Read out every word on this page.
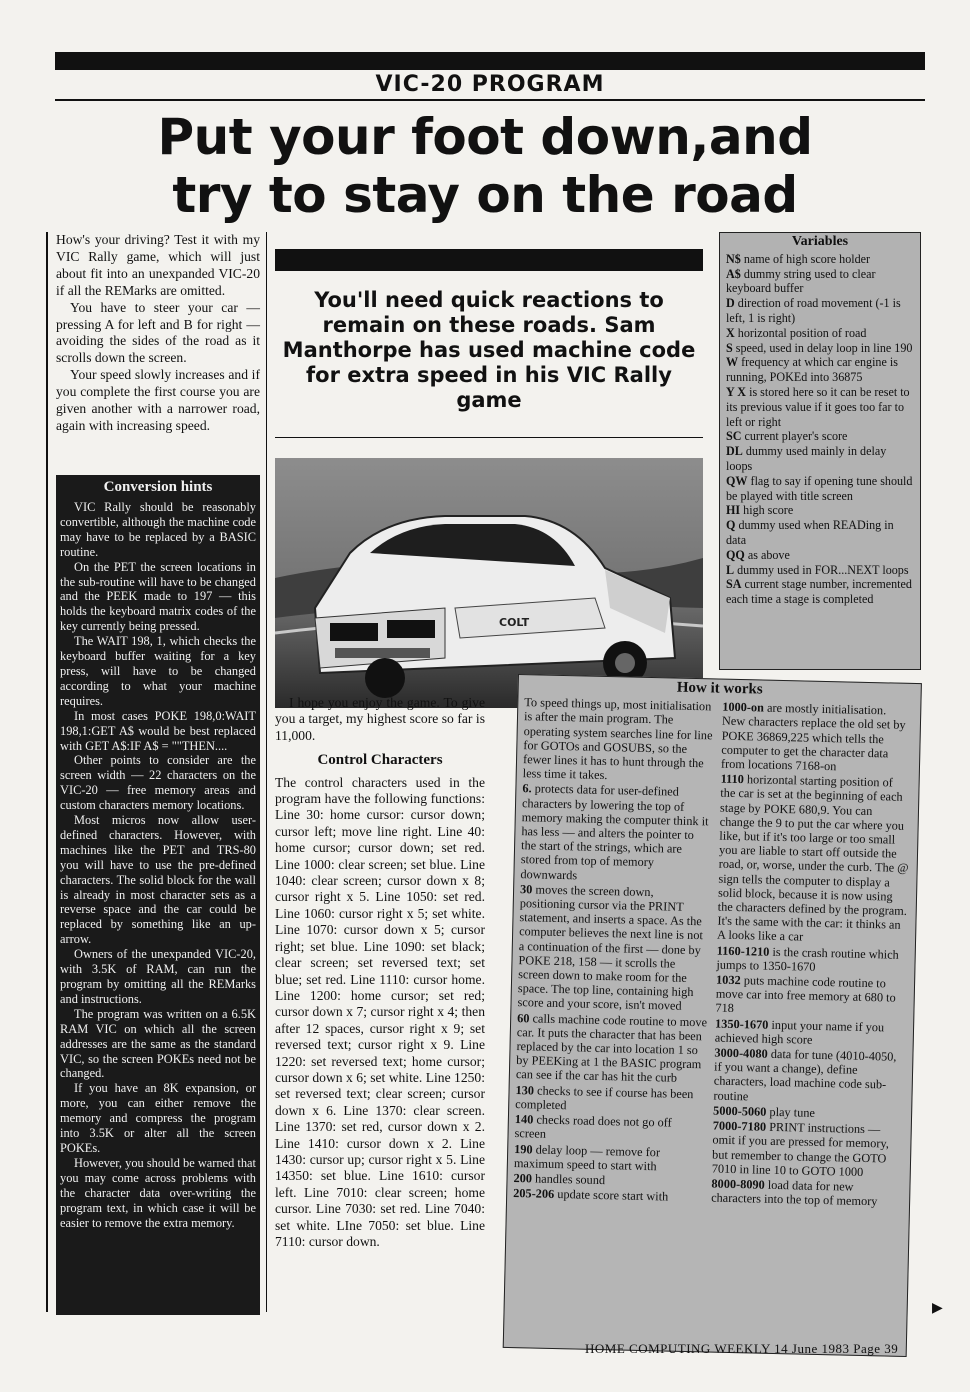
VIC-20 PROGRAM
Put your foot down,and
try to stay on the road

How's your driving? Test it with my VIC Rally game, which will just about fit into an unexpanded VIC-20 if all the REMarks are omitted.

You have to steer your car — pressing A for left and B for right — avoiding the sides of the road as it scrolls down the screen.

Your speed slowly increases and if you complete the first course you are given another with a narrower road, again with increasing speed.

Conversion hints

VIC Rally should be reasonably convertible, although the machine code may have to be replaced by a BASIC routine.

On the PET the screen locations in the sub-routine will have to be changed and the PEEK made to 197 — this holds the keyboard matrix codes of the key currently being pressed.

The WAIT 198, 1, which checks the keyboard buffer waiting for a key press, will have to be changed according to what your machine requires.

In most cases POKE 198,0:WAIT 198,1:GET A$ would be best replaced with GET A$:IF A$ = ""THEN....

Other points to consider are the screen width — 22 characters on the VIC-20 — free memory areas and custom characters memory locations.

Most micros now allow user-defined characters. However, with machines like the PET and TRS-80 you will have to use the pre-defined characters. The solid block for the wall is already in most character sets as a reverse space and the car could be replaced by something like an up-arrow.

Owners of the unexpanded VIC-20, with 3.5K of RAM, can run the program by omitting all the REMarks and instructions.

The program was written on a 6.5K RAM VIC on which all the screen addresses are the same as the standard VIC, so the screen POKEs need not be changed.

If you have an 8K expansion, or more, you can either remove the memory and compress the program into 3.5K or alter all the screen POKEs.

However, you should be warned that you may come across problems with the character data over-writing the program text, in which case it will be easier to remove the extra memory.

You'll need quick reactions to remain on these roads. Sam Manthorpe has used machine code for extra speed in his VIC Rally game
COLT

I hope you enjoy the game. To give you a target, my highest score so far is 11,000.

Control Characters

The control characters used in the program have the following functions: Line 30: home cursor: cursor down; cursor left; move line right. Line 40: home cursor; cursor down; set red. Line 1000: clear screen; set blue. Line 1040: clear screen; cursor down x 8; cursor right x 5. Line 1050: set red. Line 1060: cursor right x 5; set white. Line 1070: cursor down x 5; cursor right; set blue. Line 1090: set black; clear screen; set reversed text; set blue; set red. Line 1110: cursor home. Line 1200: home cursor; set red; cursor down x 7; cursor right x 4; then after 12 spaces, cursor right x 9; set reversed text; cursor right x 9. Line 1220: set reversed text; home cursor; cursor down x 6; set white. Line 1250: set reversed text; clear screen; cursor down x 6. Line 1370: clear screen. Line 1370: set red, cursor down x 2. Line 1410: cursor down x 2. Line 1430: cursor up; cursor right x 5. Line 14350: set blue. Line 1610: cursor left. Line 7010: clear screen; home cursor. Line 7030: set red. Line 7040: set white. LIne 7050: set blue. Line 7110: cursor down.

Variables
N$ name of high score holder
A$ dummy string used to clear keyboard buffer
D direction of road movement (-1 is left, 1 is right)
X horizontal position of road
S speed, used in delay loop in line 190
W frequency at which car engine is running, POKEd into 36875
Y X is stored here so it can be reset to its previous value if it goes too far to left or right
SC current player's score
DL dummy used mainly in delay loops
QW flag to say if opening tune should be played with title screen
HI high score
Q dummy used when READing in data
QQ as above
L dummy used in FOR...NEXT loops
SA current stage number, incremented each time a stage is completed
How it works

To speed things up, most initialisation is after the main program. The operating system searches line for line for GOTOs and GOSUBS, so the fewer lines it has to hunt through the less time it takes.

6. protects data for user-defined characters by lowering the top of memory making the computer think it has less — and alters the pointer to the start of the strings, which are stored from top of memory downwards

30 moves the screen down, positioning cursor via the PRINT statement, and inserts a space. As the computer believes the next line is not a continuation of the first — done by POKE 218, 158 — it scrolls the screen down to make room for the space. The top line, containing high score and your score, isn't moved

60 calls machine code routine to move car. It puts the character that has been replaced by the car into location 1 so by PEEKing at 1 the BASIC program can see if the car has hit the curb

130 checks to see if course has been completed

140 checks road does not go off screen

190 delay loop — remove for maximum speed to start with

200 handles sound

205-206 update score start with

1000-on are mostly initialisation. New characters replace the old set by POKE 36869,225 which tells the computer to get the character data from locations 7168-on

1110 horizontal starting position of the car is set at the beginning of each stage by POKE 680,9. You can change the 9 to put the car where you like, but if it's too large or too small you are liable to start off outside the road, or, worse, under the curb. The @ sign tells the computer to display a solid block, because it is now using the characters defined by the program. It's the same with the car: it thinks an A looks like a car

1160-1210 is the crash routine which jumps to 1350-1670

1032 puts machine code routine to move car into free memory at 680 to 718

1350-1670 input your name if you achieved high score

3000-4080 data for tune (4010-4050, if you want a change), define characters, load machine code sub-routine

5000-5060 play tune

7000-7180 PRINT instructions — omit if you are pressed for memory, but remember to change the GOTO 7010 in line 10 to GOTO 1000

8000-8090 load data for new characters into the top of memory

HOME COMPUTING WEEKLY 14 June 1983 Page 39
▶
